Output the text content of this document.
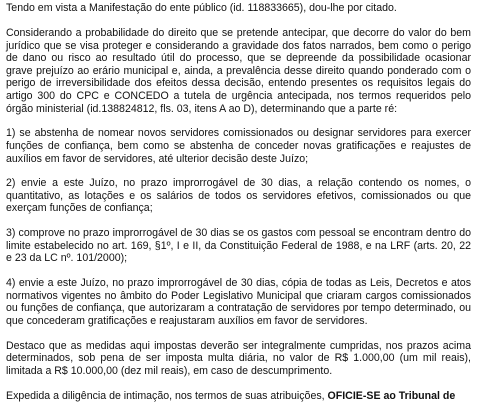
Tendo em vista a Manifestação do ente público (id. 118833665), dou-lhe por citado.

Considerando a probabilidade do direito que se pretende antecipar, que decorre do valor do bem jurídico que se visa proteger e considerando a gravidade dos fatos narrados, bem como o perigo de dano ou risco ao resultado útil do processo, que se depreende da possibilidade ocasionar grave prejuízo ao erário municipal e, ainda, a prevalência desse direito quando ponderado com o perigo de irreversibilidade dos efeitos dessa decisão, entendo presentes os requisitos legais do artigo 300 do CPC e CONCEDO a tutela de urgência antecipada, nos termos requeridos pelo órgão ministerial (id.138824812, fls. 03, itens A ao D), determinando que a parte ré:

1) se abstenha de nomear novos servidores comissionados ou designar servidores para exercer funções de confiança, bem como se abstenha de conceder novas gratificações e reajustes de auxílios em favor de servidores, até ulterior decisão deste Juízo;

2) envie a este Juízo, no prazo improrrogável de 30 dias, a relação contendo os nomes, o quantitativo, as lotações e os salários de todos os servidores efetivos, comissionados ou que exerçam funções de confiança;

3) comprove no prazo improrrogável de 30 dias se os gastos com pessoal se encontram dentro do limite estabelecido no art. 169, §1º, I e II, da Constituição Federal de 1988, e na LRF (arts. 20, 22 e 23 da LC nº. 101/2000);

4) envie a este Juízo, no prazo improrrogável de 30 dias, cópia de todas as Leis, Decretos e atos normativos vigentes no âmbito do Poder Legislativo Municipal que criaram cargos comissionados ou funções de confiança, que autorizaram a contratação de servidores por tempo determinado, ou que concederam gratificações e reajustaram auxílios em favor de servidores.

Destaco que as medidas aqui impostas deverão ser integralmente cumpridas, nos prazos acima determinados, sob pena de ser imposta multa diária, no valor de R$ 1.000,00 (um mil reais), limitada a R$ 10.000,00 (dez mil reais), em caso de descumprimento.

Expedida a diligência de intimação, nos termos de suas atribuições, OFICIE-SE ao Tribunal de
